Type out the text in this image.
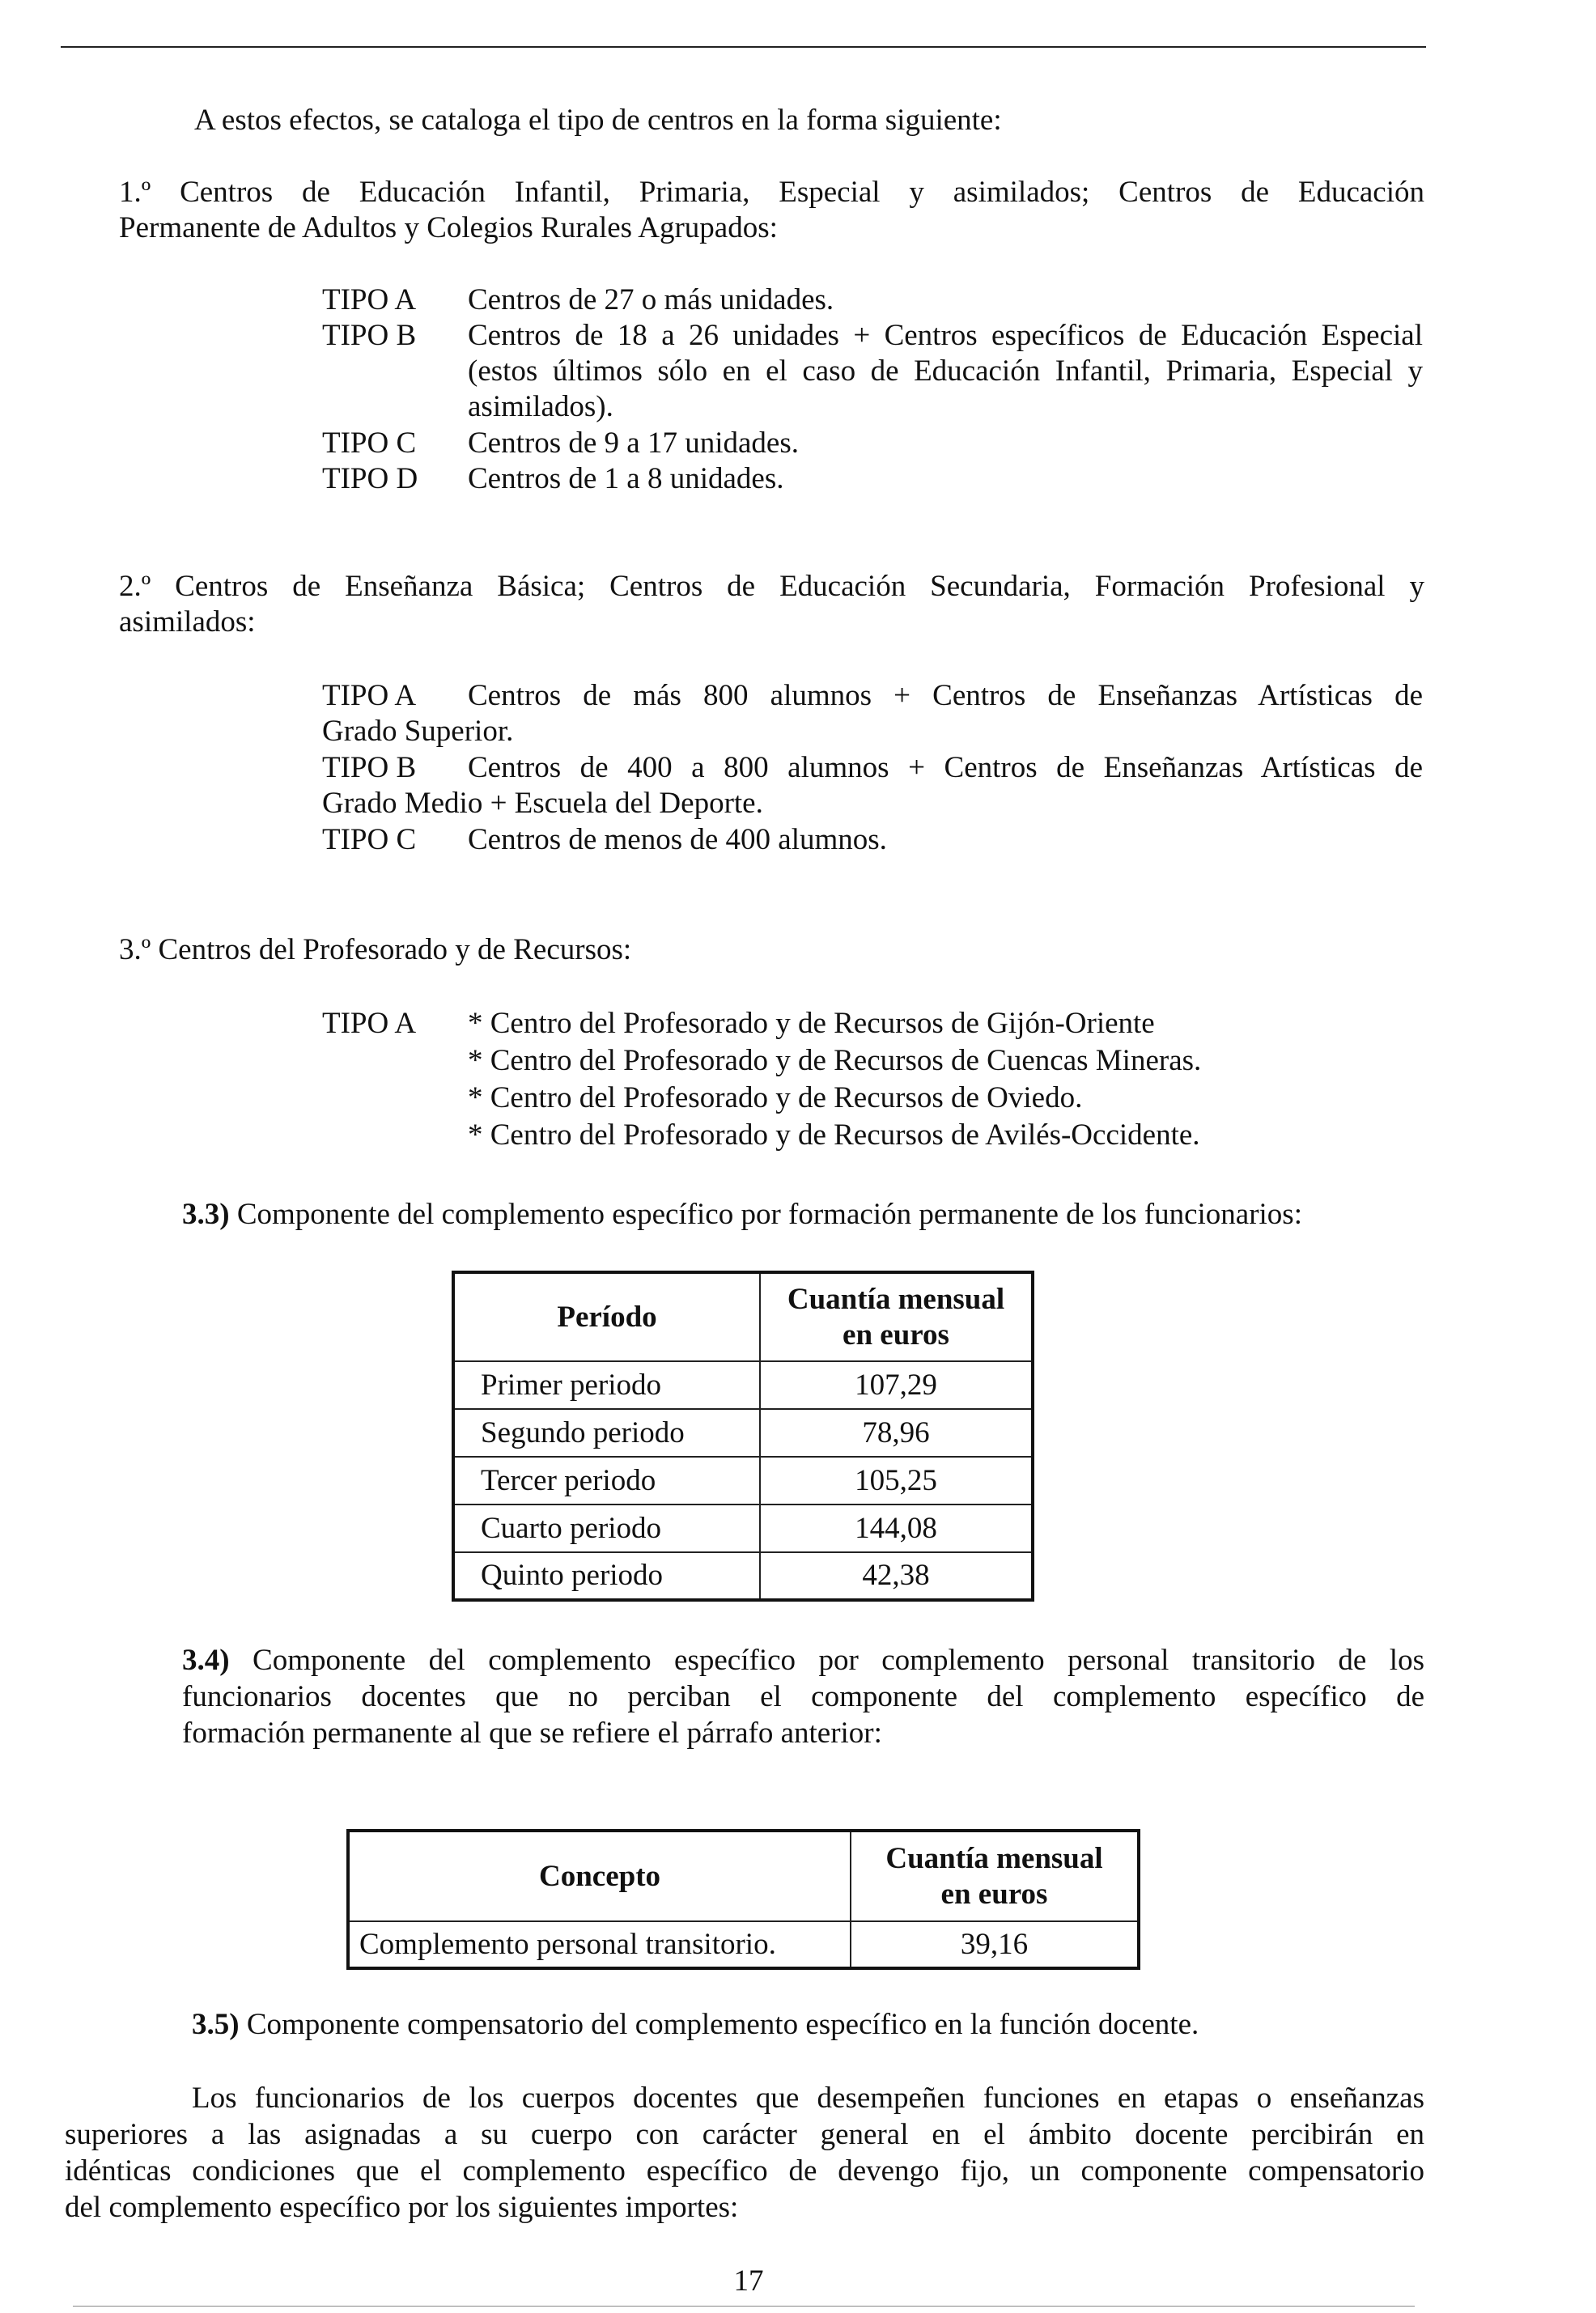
A estos efectos, se cataloga el tipo de centros en la forma siguiente:
1.º Centros de Educación Infantil, Primaria, Especial y asimilados; Centros de Educación
Permanente de Adultos y Colegios Rurales Agrupados:
TIPO A	Centros de 27 o más unidades.
TIPO B	Centros de 18 a 26 unidades + Centros específicos de Educación Especial (estos últimos sólo en el caso de Educación Infantil, Primaria, Especial y asimilados).
TIPO C	Centros de 9 a 17 unidades.
TIPO D	Centros de 1 a 8 unidades.
2.º Centros de Enseñanza Básica; Centros de Educación Secundaria, Formación Profesional y
asimilados:
TIPO A	Centros de más 800 alumnos + Centros de Enseñanzas Artísticas de
Grado Superior.
TIPO B	Centros de 400 a 800 alumnos + Centros de Enseñanzas Artísticas de
Grado Medio + Escuela del Deporte.
TIPO C	Centros de menos de 400 alumnos.
3.º Centros del Profesorado y de Recursos:
TIPO A	* Centro del Profesorado y de Recursos de Gijón-Oriente
* Centro del Profesorado y de Recursos de Cuencas Mineras.
* Centro del Profesorado y de Recursos de Oviedo.
* Centro del Profesorado y de Recursos de Avilés-Occidente.
3.3) Componente del complemento específico por formación permanente de los funcionarios:
Período	Cuantía mensual
en euros

Primer periodo	107,29
Segundo periodo	78,96
Tercer periodo	105,25
Cuarto periodo	144,08
Quinto periodo	42,38
3.4) Componente del complemento específico por complemento personal transitorio de los
funcionarios docentes que no perciban el componente del complemento específico de
formación permanente al que se refiere el párrafo anterior:
Concepto	Cuantía mensual
en euros

Complemento personal transitorio.	39,16
3.5) Componente compensatorio del complemento específico en la función docente.
Los funcionarios de los cuerpos docentes que desempeñen funciones en etapas o enseñanzas
superiores a las asignadas a su cuerpo con carácter general en el ámbito docente percibirán en
idénticas condiciones que el complemento específico de devengo fijo, un componente compensatorio
del complemento específico por los siguientes importes:
17
